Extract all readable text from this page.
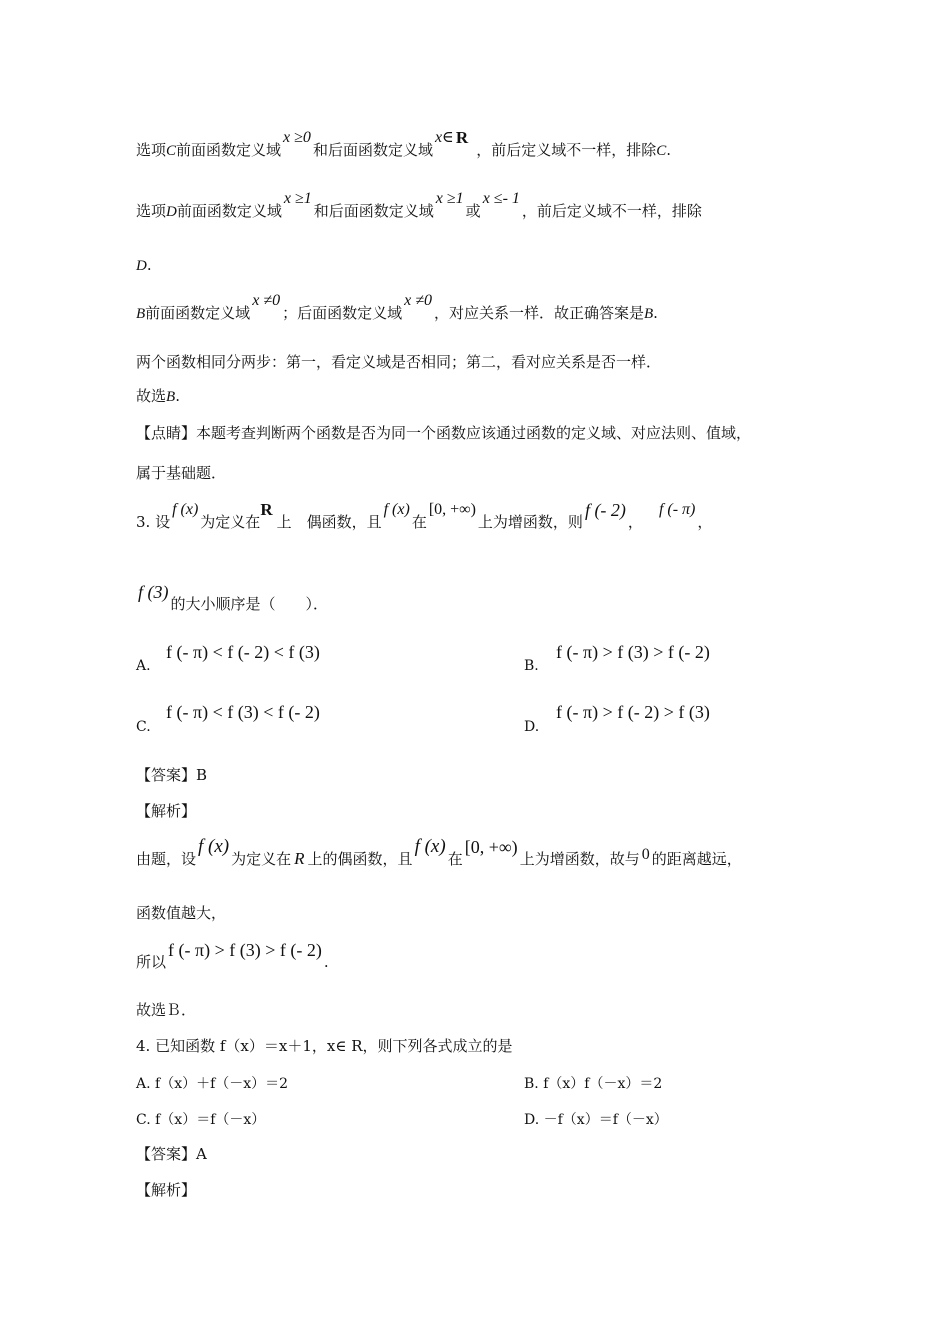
选项C前面函数定义域x ≥0和后面函数定义域x∈ R，前后定义域不一样，排除C.
选项D前面函数定义域x ≥1和后面函数定义域x ≥1或x ≤- 1，前后定义域不一样，排除
D.
B前面函数定义域x ≠0；后面函数定义域x ≠0，对应关系一样．故正确答案是B.
两个函数相同分两步：第一，看定义域是否相同；第二，看对应关系是否一样．
故选B.
【点睛】本题考查判断两个函数是否为同一个函数应该通过函数的定义域、对应法则、值域，
属于基础题．
3. 设f (x)为定义在R上　偶函数，且f (x)在[0, +∞)上为增函数，则f (- 2)，f (- π)，
f (3)的大小顺序是（　　）．
A.
f (- π) < f (- 2) < f (3)
B.
f (- π) > f (3) > f (- 2)
C.
f (- π) < f (3) < f (- 2)
D.
f (- π) > f (- 2) > f (3)
【答案】B
【解析】
由题，设f (x)为定义在 R 上的偶函数，且f (x)在[0, +∞)上为增函数，故与 0 的距离越远，
函数值越大，
所以f (- π) > f (3) > f (- 2).
故选Ｂ．
4. 已知函数 f（x）＝x＋1，x∈ R，则下列各式成立的是
A. f（x）＋f（－x）＝2	B. f（x）f（－x）＝2
C. f（x）＝f（－x）	D. －f（x）＝f（－x）
【答案】A
【解析】
